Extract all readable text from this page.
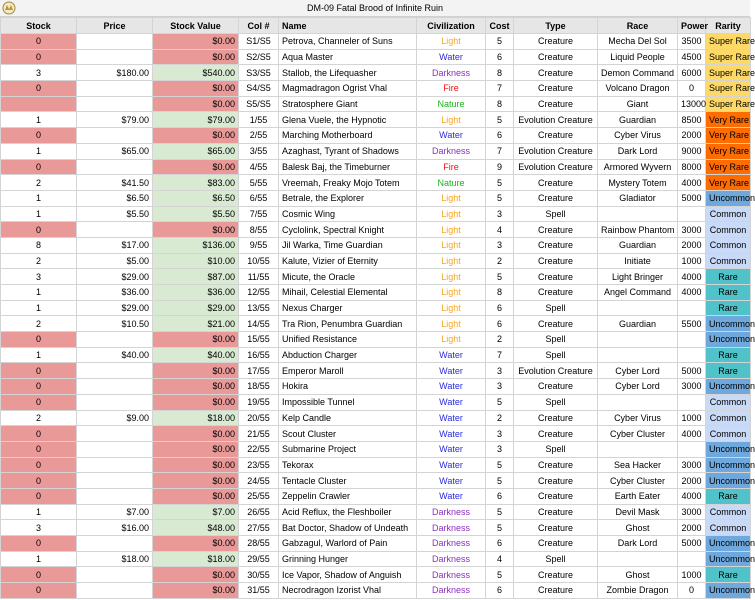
DM-09 Fatal Brood of Infinite Ruin
Stock	Price	Stock Value	Col #	Name	Civilization	Cost	Type	Race	Power	Rarity
0		$0.00	S1/S5	Petrova, Channeler of Suns	Light	5	Creature	Mecha Del Sol	3500	Super Rare
0		$0.00	S2/S5	Aqua Master	Water	6	Creature	Liquid People	4500	Super Rare
3	$180.00	$540.00	S3/S5	Stallob, the Lifequasher	Darkness	8	Creature	Demon Command	6000	Super Rare
0		$0.00	S4/S5	Magmadragon Ogrist Vhal	Fire	7	Creature	Volcano Dragon	0	Super Rare
		$0.00	S5/S5	Stratosphere Giant	Nature	8	Creature	Giant	13000	Super Rare
1	$79.00	$79.00	1/55	Glena Vuele, the Hypnotic	Light	5	Evolution Creature	Guardian	8500	Very Rare
0		$0.00	2/55	Marching Motherboard	Water	6	Creature	Cyber Virus	2000	Very Rare
1	$65.00	$65.00	3/55	Azaghast, Tyrant of Shadows	Darkness	7	Evolution Creature	Dark Lord	9000	Very Rare
0		$0.00	4/55	Balesk Baj, the Timeburner	Fire	9	Evolution Creature	Armored Wyvern	8000	Very Rare
2	$41.50	$83.00	5/55	Vreemah, Freaky Mojo Totem	Nature	5	Creature	Mystery Totem	4000	Very Rare
1	$6.50	$6.50	6/55	Betrale, the Explorer	Light	5	Creature	Gladiator	5000	Uncommon
1	$5.50	$5.50	7/55	Cosmic Wing	Light	3	Spell			Common
0		$0.00	8/55	Cyclolink, Spectral Knight	Light	4	Creature	Rainbow Phantom	3000	Common
8	$17.00	$136.00	9/55	Jil Warka, Time Guardian	Light	3	Creature	Guardian	2000	Common
2	$5.00	$10.00	10/55	Kalute, Vizier of Eternity	Light	2	Creature	Initiate	1000	Common
3	$29.00	$87.00	11/55	Micute, the Oracle	Light	5	Creature	Light Bringer	4000	Rare
1	$36.00	$36.00	12/55	Mihail, Celestial Elemental	Light	8	Creature	Angel Command	4000	Rare
1	$29.00	$29.00	13/55	Nexus Charger	Light	6	Spell			Rare
2	$10.50	$21.00	14/55	Tra Rion, Penumbra Guardian	Light	6	Creature	Guardian	5500	Uncommon
0		$0.00	15/55	Unified Resistance	Light	2	Spell			Uncommon
1	$40.00	$40.00	16/55	Abduction Charger	Water	7	Spell			Rare
0		$0.00	17/55	Emperor Maroll	Water	3	Evolution Creature	Cyber Lord	5000	Rare
0		$0.00	18/55	Hokira	Water	3	Creature	Cyber Lord	3000	Uncommon
0		$0.00	19/55	Impossible Tunnel	Water	5	Spell			Common
2	$9.00	$18.00	20/55	Kelp Candle	Water	2	Creature	Cyber Virus	1000	Common
0		$0.00	21/55	Scout Cluster	Water	3	Creature	Cyber Cluster	4000	Common
0		$0.00	22/55	Submarine Project	Water	3	Spell			Uncommon
0		$0.00	23/55	Tekorax	Water	5	Creature	Sea Hacker	3000	Uncommon
0		$0.00	24/55	Tentacle Cluster	Water	5	Creature	Cyber Cluster	2000	Uncommon
0		$0.00	25/55	Zeppelin Crawler	Water	6	Creature	Earth Eater	4000	Rare
1	$7.00	$7.00	26/55	Acid Reflux, the Fleshboiler	Darkness	5	Creature	Devil Mask	3000	Common
3	$16.00	$48.00	27/55	Bat Doctor, Shadow of Undeath	Darkness	5	Creature	Ghost	2000	Common
0		$0.00	28/55	Gabzagul, Warlord of Pain	Darkness	6	Creature	Dark Lord	5000	Uncommon
1	$18.00	$18.00	29/55	Grinning Hunger	Darkness	4	Spell			Uncommon
0		$0.00	30/55	Ice Vapor, Shadow of Anguish	Darkness	5	Creature	Ghost	1000	Rare
0		$0.00	31/55	Necrodragon Izorist Vhal	Darkness	6	Creature	Zombie Dragon	0	Uncommon
